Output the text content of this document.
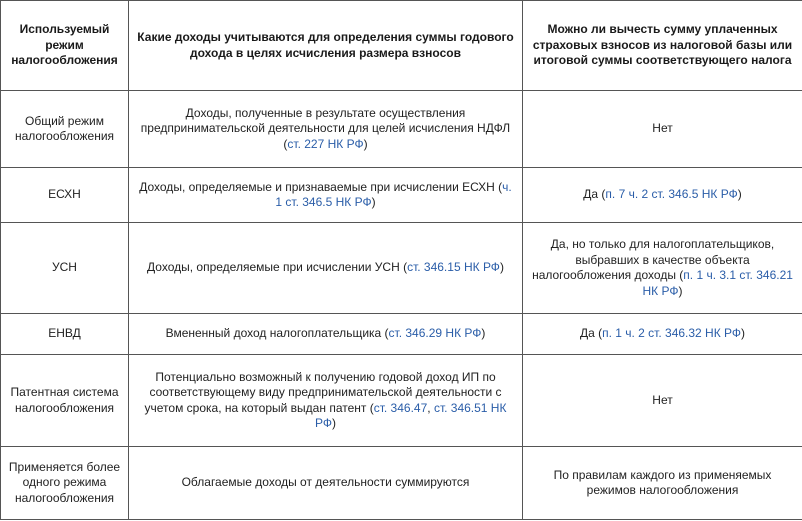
Используемый режим налогообложения	Какие доходы учитываются для определения суммы годового дохода в целях исчисления размера взносов	Можно ли вычесть сумму уплаченных страховых взносов из налоговой базы или итоговой суммы соответствующего налога
Общий режим налогообложения	Доходы, полученные в результате осуществления предпринимательской деятельности для целей исчисления НДФЛ (ст. 227 НК РФ)	Нет
ЕСХН	Доходы, определяемые и признаваемые при исчислении ЕСХН (ч. 1 ст. 346.5 НК РФ)	Да (п. 7 ч. 2 ст. 346.5 НК РФ)
УСН	Доходы, определяемые при исчислении УСН (ст. 346.15 НК РФ)	Да, но только для налогоплательщиков, выбравших в качестве объекта налогообложения доходы (п. 1 ч. 3.1 ст. 346.21 НК РФ)
ЕНВД	Вмененный доход налогоплательщика (ст. 346.29 НК РФ)	Да (п. 1 ч. 2 ст. 346.32 НК РФ)
Патентная система налогообложения	Потенциально возможный к получению годовой доход ИП по соответствующему виду предпринимательской деятельности с учетом срока, на который выдан патент (ст. 346.47, ст. 346.51 НК РФ)	Нет
Применяется более одного режима налогообложения	Облагаемые доходы от деятельности суммируются	По правилам каждого из применяемых режимов налогообложения
